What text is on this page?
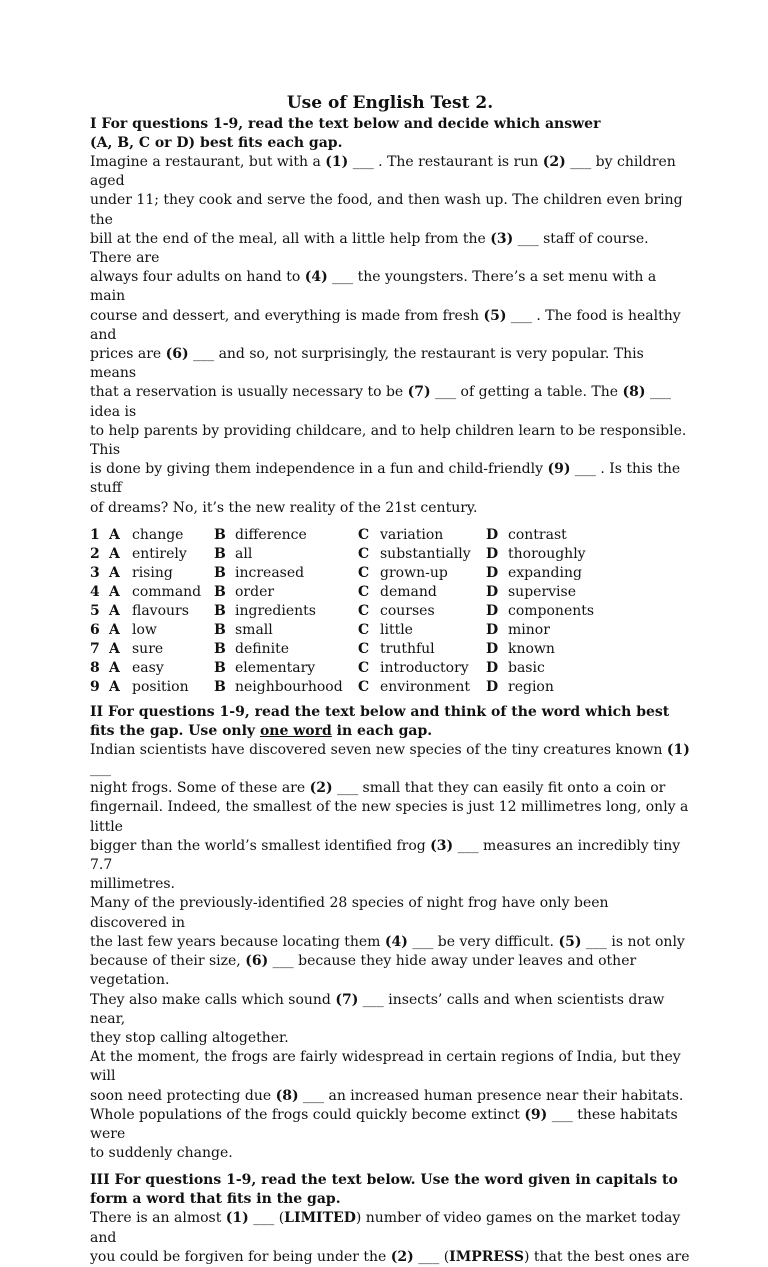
Use of English Test 2.
I For questions 1-9, read the text below and decide which answer
(A, B, C or D) best fits each gap.
Imagine a restaurant, but with a (1) ___ . The restaurant is run (2) ___ by children aged
under 11; they cook and serve the food, and then wash up. The children even bring the
bill at the end of the meal, all with a little help from the (3) ___ staff of course. There are
always four adults on hand to (4) ___ the youngsters. There’s a set menu with a main
course and dessert, and everything is made from fresh (5) ___ . The food is healthy and
prices are (6) ___ and so, not surprisingly, the restaurant is very popular. This means
that a reservation is usually necessary to be (7) ___ of getting a table. The (8) ___ idea is
to help parents by providing childcare, and to help children learn to be responsible. This
is done by giving them independence in a fun and child-friendly (9) ___ . Is this the stuff
of dreams? No, it’s the new reality of the 21st century.
1 A change B difference	C variation	D contrast
2 A entirely B all	C substantially D thoroughly
3 A rising	B increased	C grown-up	D expanding
4 A command B order	C demand	D supervise
5 A flavours B ingredients	C courses	D components
6 A low	B small	C little	D minor
7 A sure	B definite	C truthful	D known
8 A easy	B elementary	C introductory D basic
9 A position B neighbourhood C environment D region
II For questions 1-9, read the text below and think of the word which best
fits the gap. Use only one word in each gap.
Indian scientists have discovered seven new species of the tiny creatures known (1) ___
night frogs. Some of these are (2) ___ small that they can easily fit onto a coin or
fingernail. Indeed, the smallest of the new species is just 12 millimetres long, only a little
bigger than the world’s smallest identified frog (3) ___ measures an incredibly tiny 7.7
millimetres.
Many of the previously-identified 28 species of night frog have only been discovered in
the last few years because locating them (4) ___ be very difficult. (5) ___ is not only
because of their size, (6) ___ because they hide away under leaves and other vegetation.
They also make calls which sound (7) ___ insects’ calls and when scientists draw near,
they stop calling altogether.
At the moment, the frogs are fairly widespread in certain regions of India, but they will
soon need protecting due (8) ___ an increased human presence near their habitats.
Whole populations of the frogs could quickly become extinct (9) ___ these habitats were
to suddenly change.
III For questions 1-9, read the text below. Use the word given in capitals to
form a word that fits in the gap.
There is an almost (1) ___ (LIMITED) number of video games on the market today and
you could be forgiven for being under the (2) ___ (IMPRESS) that the best ones are
